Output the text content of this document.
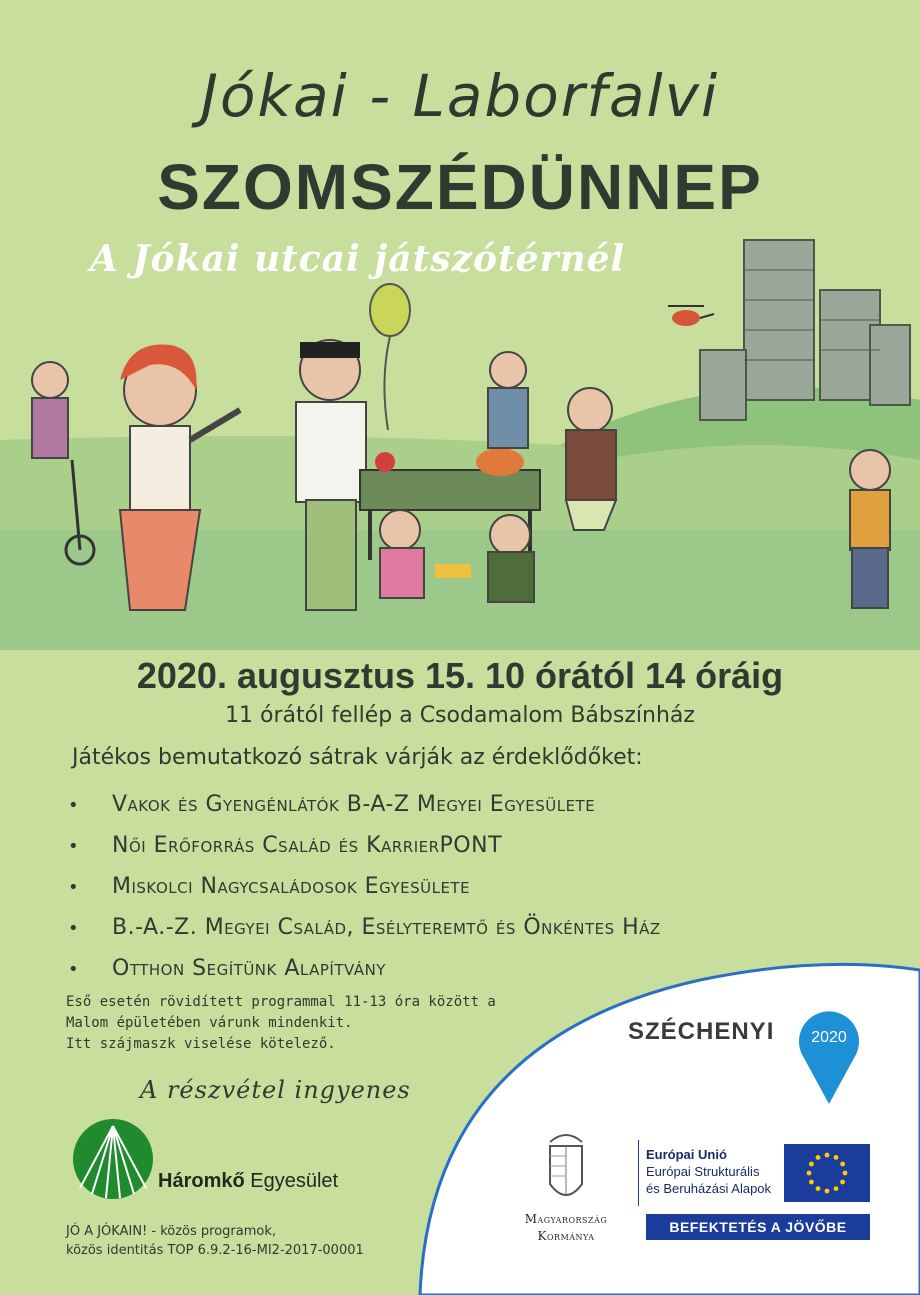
Jókai - Laborfalvi
SZOMSZÉDÜNNEP
A Jókai utcai játszótérnél
2020. augusztus 15. 10 órától 14 óráig
11 órától fellép a Csodamalom Bábszínház
Játékos bemutatkozó sátrak várják az érdeklődőket:
• Vakok és Gyengénlátók B-A-Z Megyei Egyesülete
• Női Erőforrás Család és KarrierPONT
• Miskolci Nagycsaládosok Egyesülete
• B.-A.-Z. Megyei Család, Esélyteremtő és Önkéntes Ház
• Otthon Segítünk Alapítvány
Eső esetén rövidített programmal 11-13 óra között a
Malom épületében várunk mindenkit.
Itt szájmaszk viselése kötelező.
A részvétel ingyenes
Háromkő Egyesület
JÓ A JÓKAIN! - közös programok,
közös identitás TOP 6.9.2-16-MI2-2017-00001
SZÉCHENYI 2020
Magyarország
Kormánya
Európai Unió
Európai Strukturális
és Beruházási Alapok
BEFEKTETÉS A JÖVŐBE
